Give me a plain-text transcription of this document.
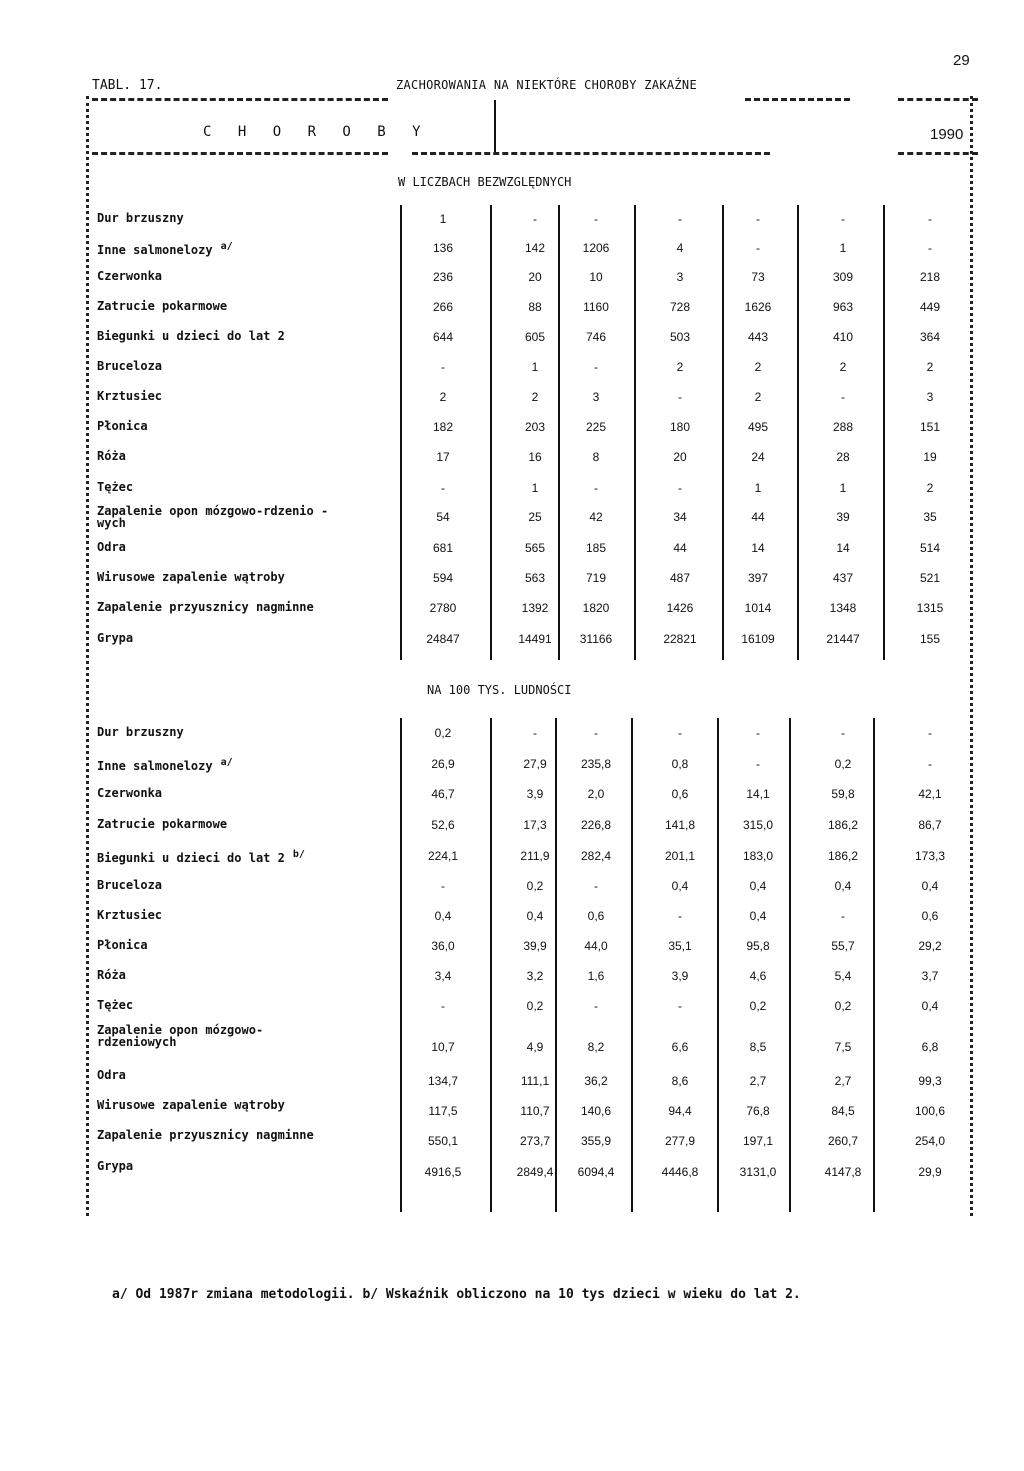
29
TABL. 17.	ZACHOROWANIA NA NIEKTÓRE CHOROBY ZAKAŹNE
C H O R O B Y	1990
W LICZBACH BEZWZGLĘDNYCH
NA 100 TYS. LUDNOŚCI
Dur brzuszny	1	-	-	-	-	-	-
Inne salmonelozy $^{a/}$	136	142	1206	4	-	1	-
Czerwonka	236	20	10	3	73	309	218
Zatrucie pokarmowe	266	88	1160	728	1626	963	449
Biegunki u dzieci do lat 2	644	605	746	503	443	410	364
Bruceloza	-	1	-	2	2	2	2
Krztusiec	2	2	3	-	2	-	3
Płonica	182	203	225	180	495	288	151
Róża	17	16	8	20	24	28	19
Tężec	-	1	-	-	1	1	2
Zapalenie opon mózgowo-rdzenio - wych	54	25	42	34	44	39	35
Odra	681	565	185	44	14	14	514
Wirusowe zapalenie wątroby	594	563	719	487	397	437	521
Zapalenie przyusznicy nagminne	2780	1392	1820	1426	1014	1348	1315
Grypa	24847	14491	31166	22821	16109	21447	155
Dur brzuszny	0,2	-	-	-	-	-	-
Inne salmonelozy $^{a/}$	26,9	27,9	235,8	0,8	-	0,2	-
Czerwonka	46,7	3,9	2,0	0,6	14,1	59,8	42,1
Zatrucie pokarmowe	52,6	17,3	226,8	141,8	315,0	186,2	86,7
Biegunki u dzieci do lat 2 $^{b/}$	224,1	211,9	282,4	201,1	183,0	186,2	173,3
Bruceloza	-	0,2	-	0,4	0,4	0,4	0,4
Krztusiec	0,4	0,4	0,6	-	0,4	-	0,6
Płonica	36,0	39,9	44,0	35,1	95,8	55,7	29,2
Róża	3,4	3,2	1,6	3,9	4,6	5,4	3,7
Tężec	-	0,2	-	-	0,2	0,2	0,4
Zapalenie opon mózgowo- rdzeniowych	10,7	4,9	8,2	6,6	8,5	7,5	6,8
Odra	134,7	111,1	36,2	8,6	2,7	2,7	99,3
Wirusowe zapalenie wątroby	117,5	110,7	140,6	94,4	76,8	84,5	100,6
Zapalenie przyusznicy nagminne	550,1	273,7	355,9	277,9	197,1	260,7	254,0
Grypa	4916,5	2849,4	6094,4	4446,8	3131,0	4147,8	29,9
a/ Od 1987r zmiana metodologii. b/ Wskaźnik obliczono na 10 tys dzieci w wieku do lat 2.
